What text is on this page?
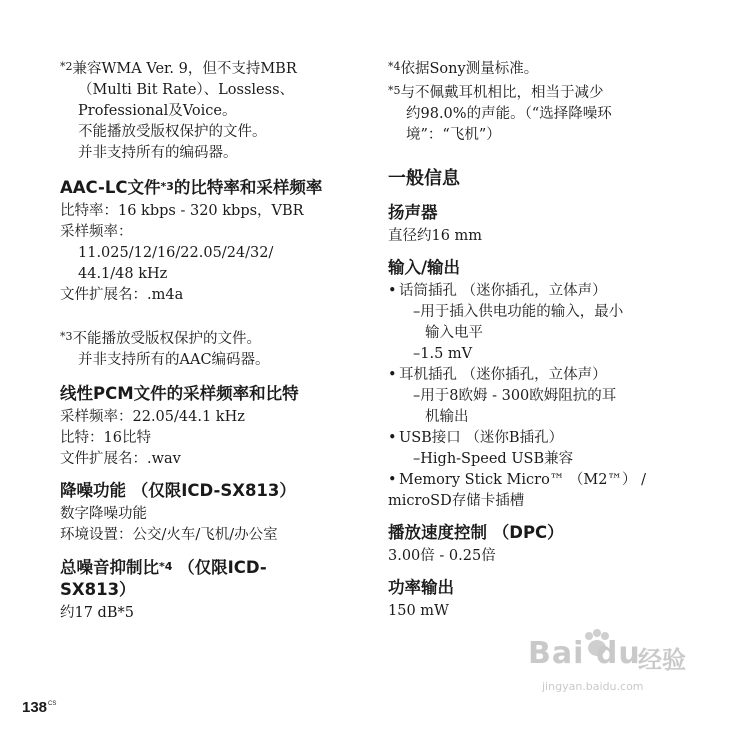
$^{*2}$兼容WMA Ver. 9，但不支持MBR
（Multi Bit Rate）、Lossless、
Professional及Voice。
不能播放受版权保护的文件。
并非支持所有的编码器。
AAC-LC文件*3的比特率和采样频率
比特率：16 kbps - 320 kbps，VBR
采样频率：
11.025/12/16/22.05/24/32/
44.1/48 kHz
文件扩展名：.m4a
$^{*3}$不能播放受版权保护的文件。
并非支持所有的AAC编码器。
线性PCM文件的采样频率和比特
采样频率：22.05/44.1 kHz
比特：16比特
文件扩展名：.wav
降噪功能 （仅限ICD-SX813）
数字降噪功能
环境设置：公交/火车/飞机/办公室
总噪音抑制比*4 （仅限ICD-
SX813）
约17 dB*5
$^{*4}$依据Sony测量标准。
$^{*5}$与不佩戴耳机相比，相当于减少
约98.0%的声能。（“选择降噪环
境”：“飞机”）
一般信息
扬声器
直径约16 mm
输入/输出
• 话筒插孔 （迷你插孔，立体声）
–用于插入供电功能的输入，最小
输入电平
–1.5 mV
• 耳机插孔 （迷你插孔，立体声）
–用于8欧姆 - 300欧姆阻抗的耳
机输出
• USB接口 （迷你B插孔）
–High-Speed USB兼容
• Memory Stick Micro™ （M2™） /
microSD存储卡插槽
播放速度控制 （DPC）
3.00倍 - 0.25倍
功率输出
150 mW
$138^{CS}$
Bai du
经验
jingyan.baidu.com
